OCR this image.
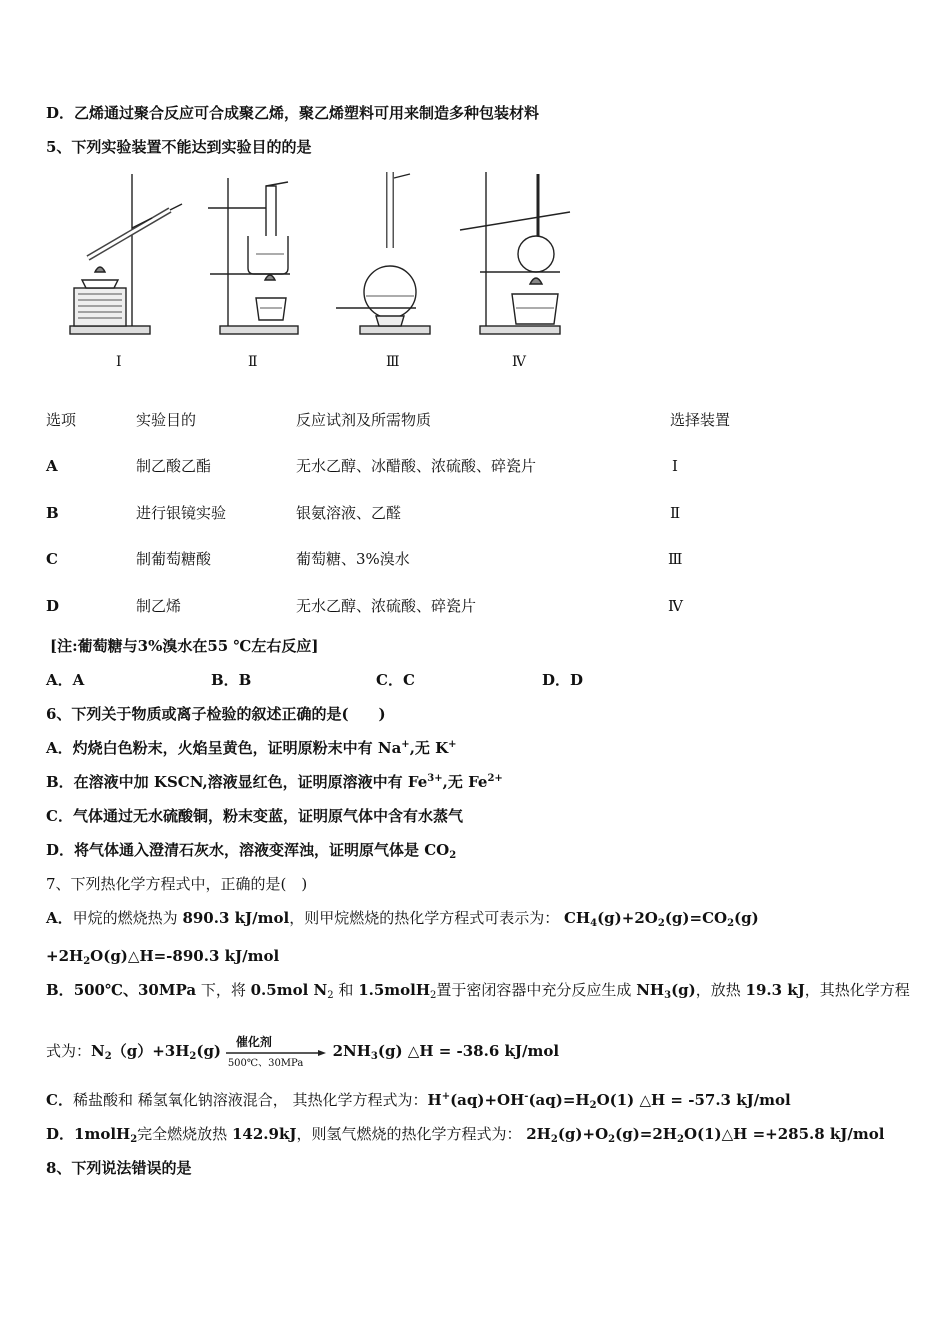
D．乙烯通过聚合反应可合成聚乙烯，聚乙烯塑料可用来制造多种包装材料
5、下列实验装置不能达到实验目的的是
Ⅰ	Ⅱ	Ⅲ	Ⅳ
选项	实验目的	反应试剂及所需物质	选择装置
A	制乙酸乙酯	无水乙醇、冰醋酸、浓硫酸、碎瓷片	Ⅰ
B	进行银镜实验	银氨溶液、乙醛	Ⅱ
C	制葡萄糖酸	葡萄糖、3%溴水	Ⅲ
D	制乙烯	无水乙醇、浓硫酸、碎瓷片	Ⅳ
[注:葡萄糖与3%溴水在55 ℃左右反应]
A．A	B．B	C．C	D．D
6、下列关于物质或离子检验的叙述正确的是(　　)
A．灼烧白色粉末，火焰呈黄色，证明原粉末中有 Na+,无 K+
B．在溶液中加 KSCN,溶液显红色，证明原溶液中有 $Fe^{3+}$,无 $Fe^{2+}$
C．气体通过无水硫酸铜，粉末变蓝，证明原气体中含有水蒸气
D．将气体通入澄清石灰水，溶液变浑浊，证明原气体是 $CO_2$
7、下列热化学方程式中，正确的是(　)
A．甲烷的燃烧热为 890.3 kJ/mol，则甲烷燃烧的热化学方程式可表示为： $CH_4(g)+2O_2(g)=CO_2(g)$
$+2H_2O(g)\triangle H=-890.3$ kJ/mol
B．500℃、30MPa 下，将 0.5mol $N_2$ 和 1.5molH$_2$置于密闭容器中充分反应生成 $NH_3(g)$，放热 19.3 kJ，其热化学方程
式为：$N_2(g)+3H_2(g)$ 催化剂
500℃、30MPa
$2NH_3(g)$ △H = -38.6 kJ/mol
C．稀盐酸和 稀氢氧化钠溶液混合， 其热化学方程式为：$H^+(aq)+OH^-(aq)=H_2O(1)$ △H = -57.3 kJ/mol
D．1molH$_2$完全燃烧放热 142.9kJ，则氢气燃烧的热化学方程式为： $2H_2(g)+O_2(g)=2H_2O(1)\triangle H =+285.8$ kJ/mol
8、下列说法错误的是
